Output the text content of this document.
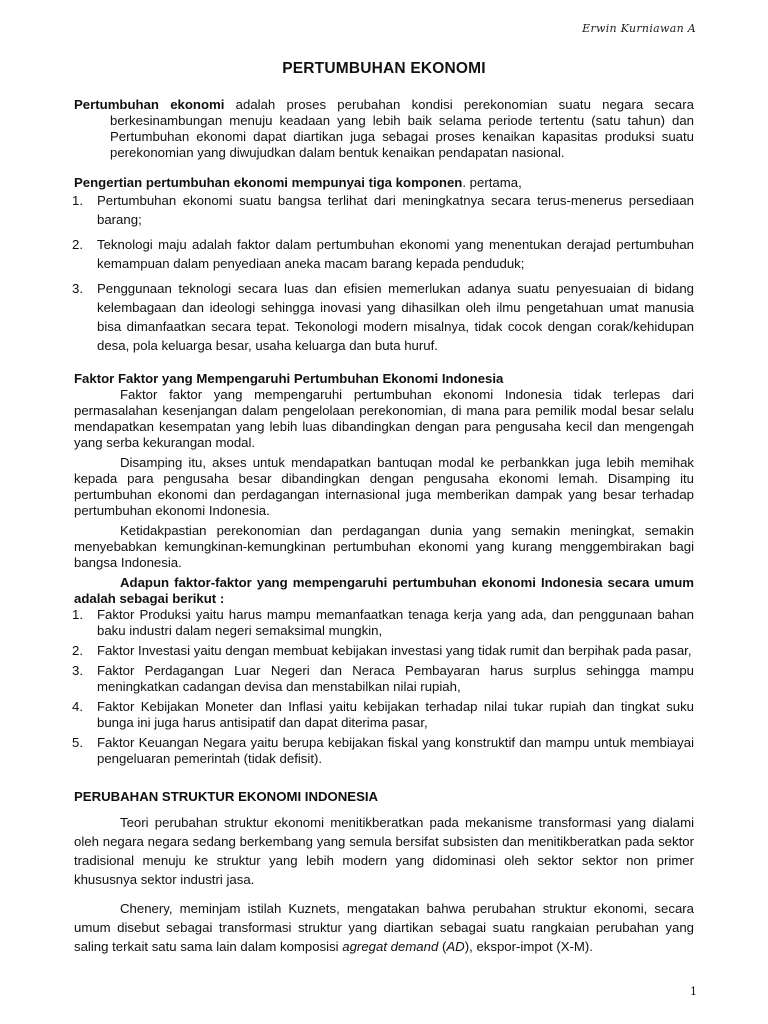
Erwin Kurniawan A
PERTUMBUHAN EKONOMI

Pertumbuhan ekonomi adalah proses perubahan kondisi perekonomian suatu negara secara berkesinambungan menuju keadaan yang lebih baik selama periode tertentu (satu tahun) dan Pertumbuhan ekonomi dapat diartikan juga sebagai proses kenaikan kapasitas produksi suatu perekonomian yang diwujudkan dalam bentuk kenaikan pendapatan nasional.

Pengertian pertumbuhan ekonomi mempunyai tiga komponen. pertama,

1. Pertumbuhan ekonomi suatu bangsa terlihat dari meningkatnya secara terus-menerus persediaan barang;
2. Teknologi maju adalah faktor dalam pertumbuhan ekonomi yang menentukan derajad pertumbuhan kemampuan dalam penyediaan aneka macam barang kepada penduduk;
3. Penggunaan teknologi secara luas dan efisien memerlukan adanya suatu penyesuaian di bidang kelembagaan dan ideologi sehingga inovasi yang dihasilkan oleh ilmu pengetahuan umat manusia bisa dimanfaatkan secara tepat. Tekonologi modern misalnya, tidak cocok dengan corak/kehidupan desa, pola keluarga besar, usaha keluarga dan buta huruf.

Faktor Faktor yang Mempengaruhi Pertumbuhan Ekonomi Indonesia

Faktor faktor yang mempengaruhi pertumbuhan ekonomi Indonesia tidak terlepas dari permasalahan kesenjangan dalam pengelolaan perekonomian, di mana para pemilik modal besar selalu mendapatkan kesempatan yang lebih luas dibandingkan dengan para pengusaha kecil dan mengengah yang serba kekurangan modal.

Disamping itu, akses untuk mendapatkan bantuqan modal ke perbankkan juga lebih memihak kepada para pengusaha besar dibandingkan dengan pengusaha ekonomi lemah. Disamping itu pertumbuhan ekonomi dan perdagangan internasional juga memberikan dampak yang besar terhadap pertumbuhan ekonomi Indonesia.

Ketidakpastian perekonomian dan perdagangan dunia yang semakin meningkat, semakin menyebabkan kemungkinan-kemungkinan pertumbuhan ekonomi yang kurang menggembirakan bagi bangsa Indonesia.

Adapun faktor-faktor yang mempengaruhi pertumbuhan ekonomi Indonesia secara umum adalah sebagai berikut :

1. Faktor Produksi yaitu harus mampu memanfaatkan tenaga kerja yang ada, dan penggunaan bahan baku industri dalam negeri semaksimal mungkin,
2. Faktor Investasi yaitu dengan membuat kebijakan investasi yang tidak rumit dan berpihak pada pasar,
3. Faktor Perdagangan Luar Negeri dan Neraca Pembayaran harus surplus sehingga mampu meningkatkan cadangan devisa dan menstabilkan nilai rupiah,
4. Faktor Kebijakan Moneter dan Inflasi yaitu kebijakan terhadap nilai tukar rupiah dan tingkat suku bunga ini juga harus antisipatif dan dapat diterima pasar,
5. Faktor Keuangan Negara yaitu berupa kebijakan fiskal yang konstruktif dan mampu untuk membiayai pengeluaran pemerintah (tidak defisit).

PERUBAHAN STRUKTUR EKONOMI INDONESIA

Teori perubahan struktur ekonomi menitikberatkan pada mekanisme transformasi yang dialami oleh negara negara sedang berkembang yang semula bersifat subsisten dan menitikberatkan pada sektor tradisional menuju ke struktur yang lebih modern yang didominasi oleh sektor sektor non primer khususnya sektor industri jasa.

Chenery, meminjam istilah Kuznets, mengatakan bahwa perubahan struktur ekonomi, secara umum disebut sebagai transformasi struktur yang diartikan sebagai suatu rangkaian perubahan yang saling terkait satu sama lain dalam komposisi agregat demand (AD), ekspor-impot (X-M).

1
